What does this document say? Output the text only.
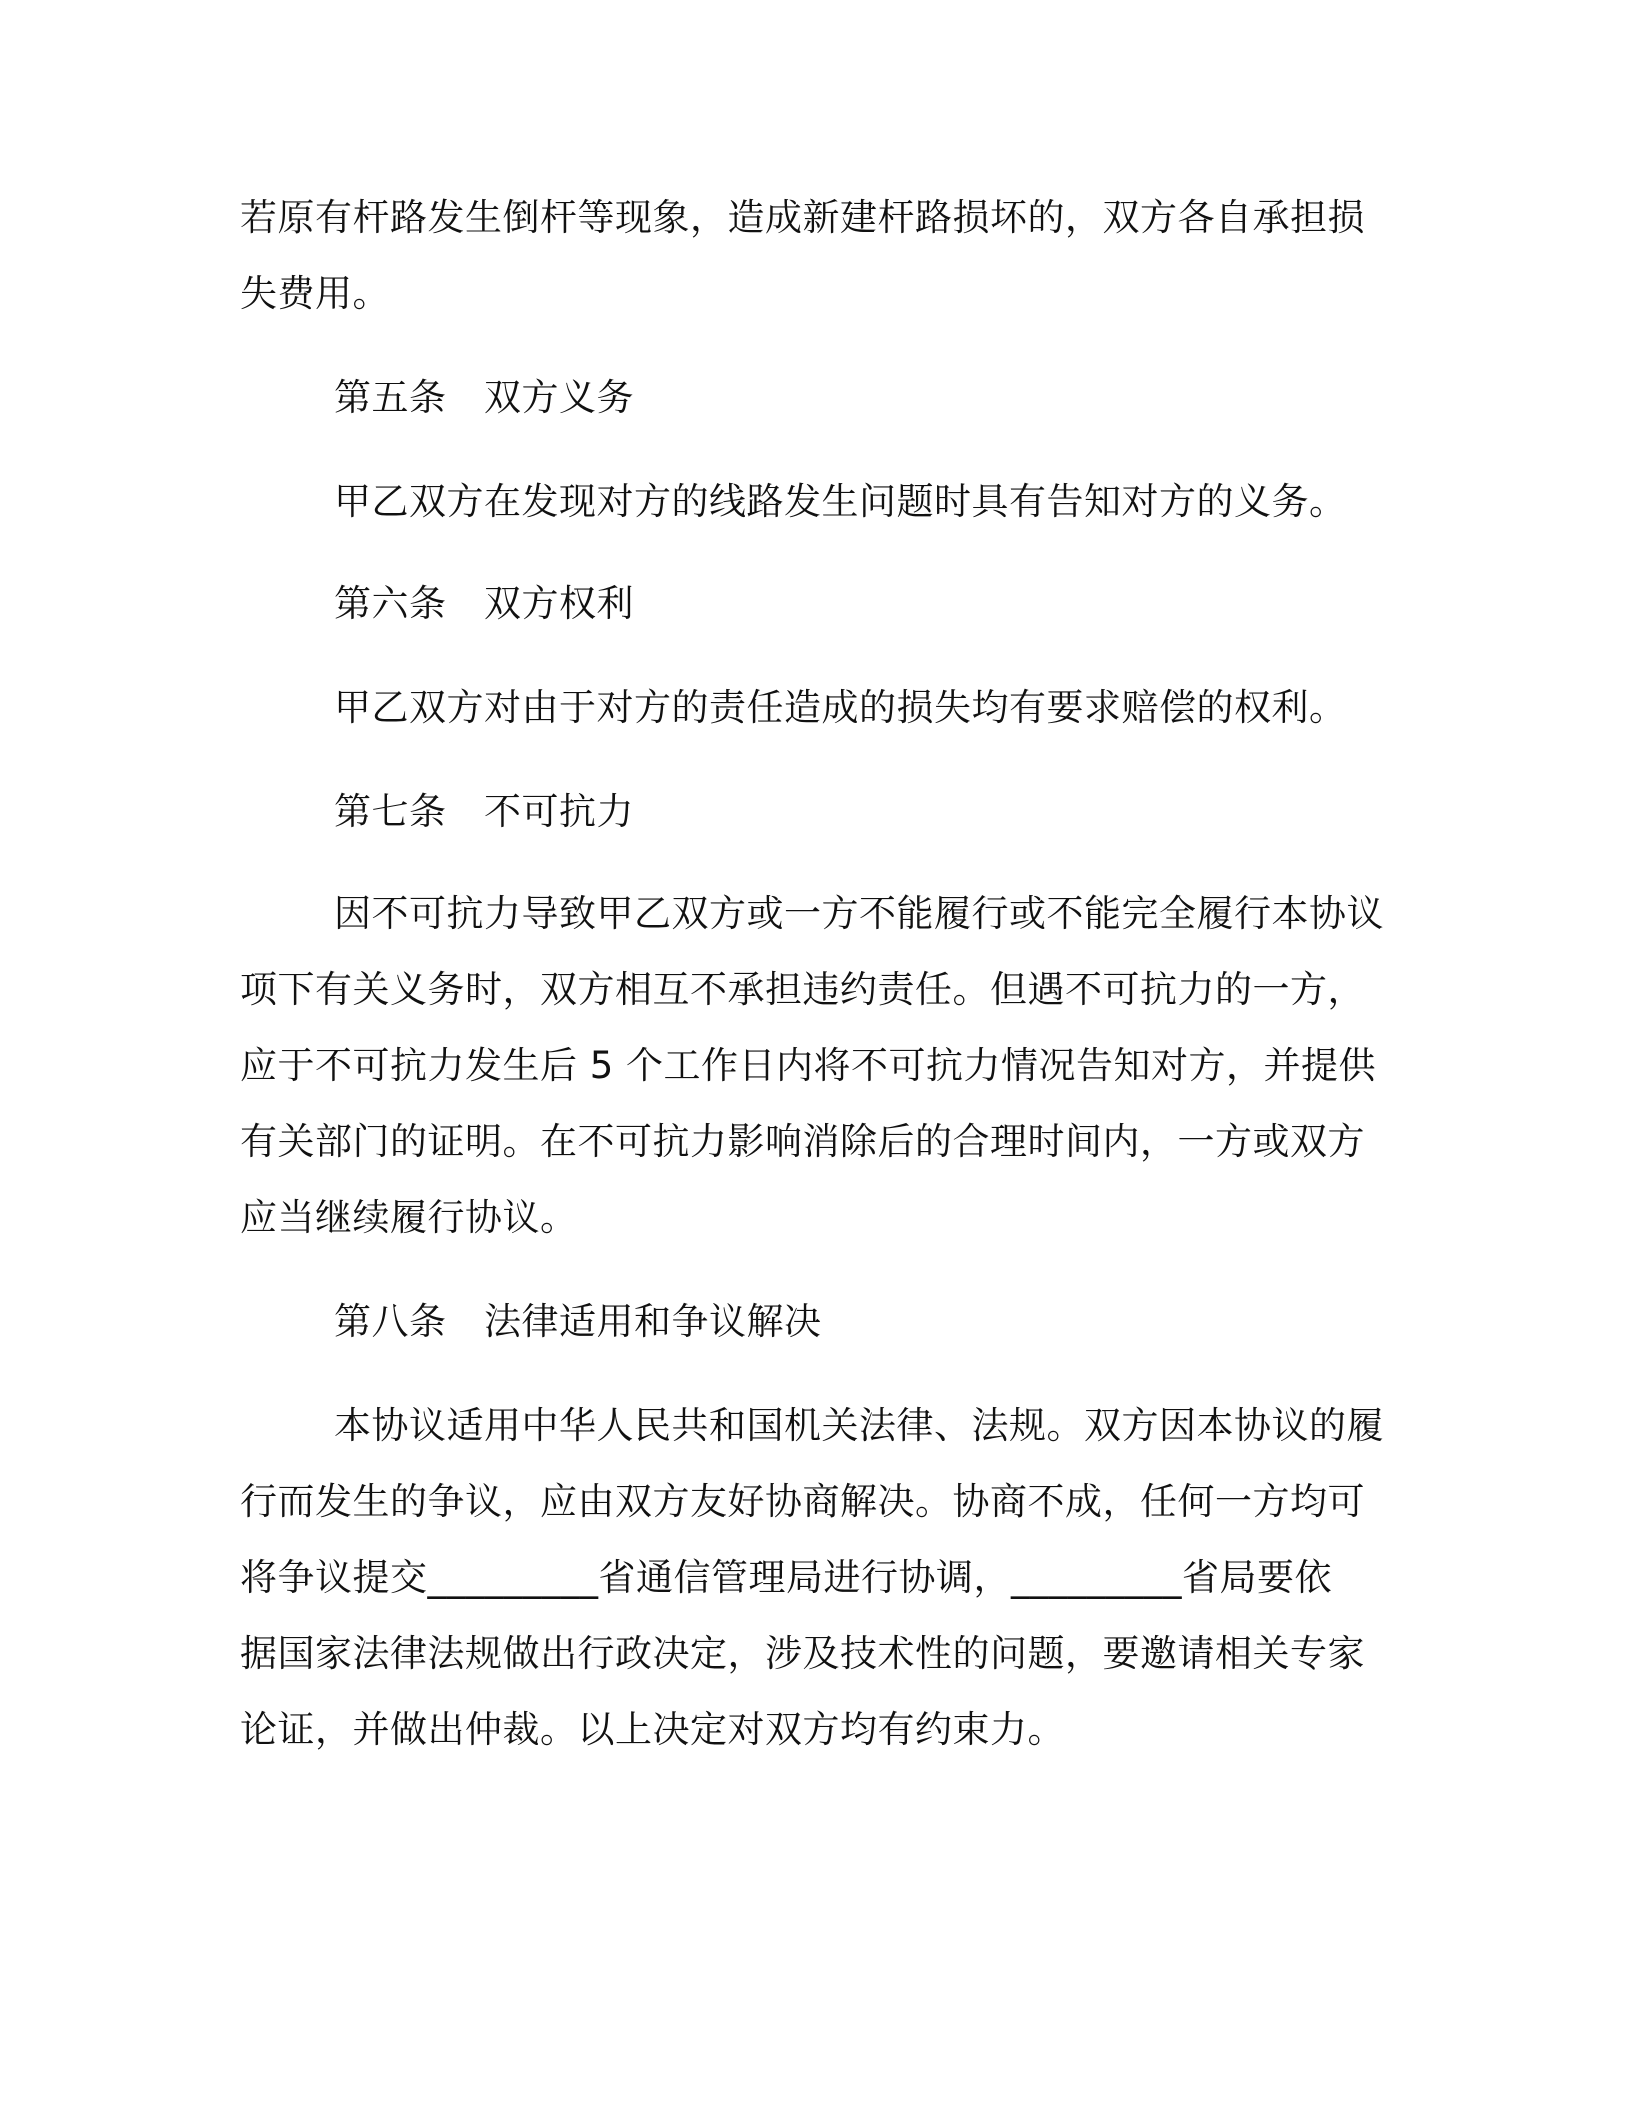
若原有杆路发生倒杆等现象，造成新建杆路损坏的，双方各自承担损
失费用。
第五条　双方义务
甲乙双方在发现对方的线路发生问题时具有告知对方的义务。
第六条　双方权利
甲乙双方对由于对方的责任造成的损失均有要求赔偿的权利。
第七条　不可抗力
因不可抗力导致甲乙双方或一方不能履行或不能完全履行本协议
项下有关义务时，双方相互不承担违约责任。但遇不可抗力的一方，
应于不可抗力发生后 5 个工作日内将不可抗力情况告知对方，并提供
有关部门的证明。在不可抗力影响消除后的合理时间内，一方或双方
应当继续履行协议。
第八条　法律适用和争议解决
本协议适用中华人民共和国机关法律、法规。双方因本协议的履
行而发生的争议，应由双方友好协商解决。协商不成，任何一方均可
将争议提交_________省通信管理局进行协调，_________省局要依
据国家法律法规做出行政决定，涉及技术性的问题，要邀请相关专家
论证，并做出仲裁。以上决定对双方均有约束力。
